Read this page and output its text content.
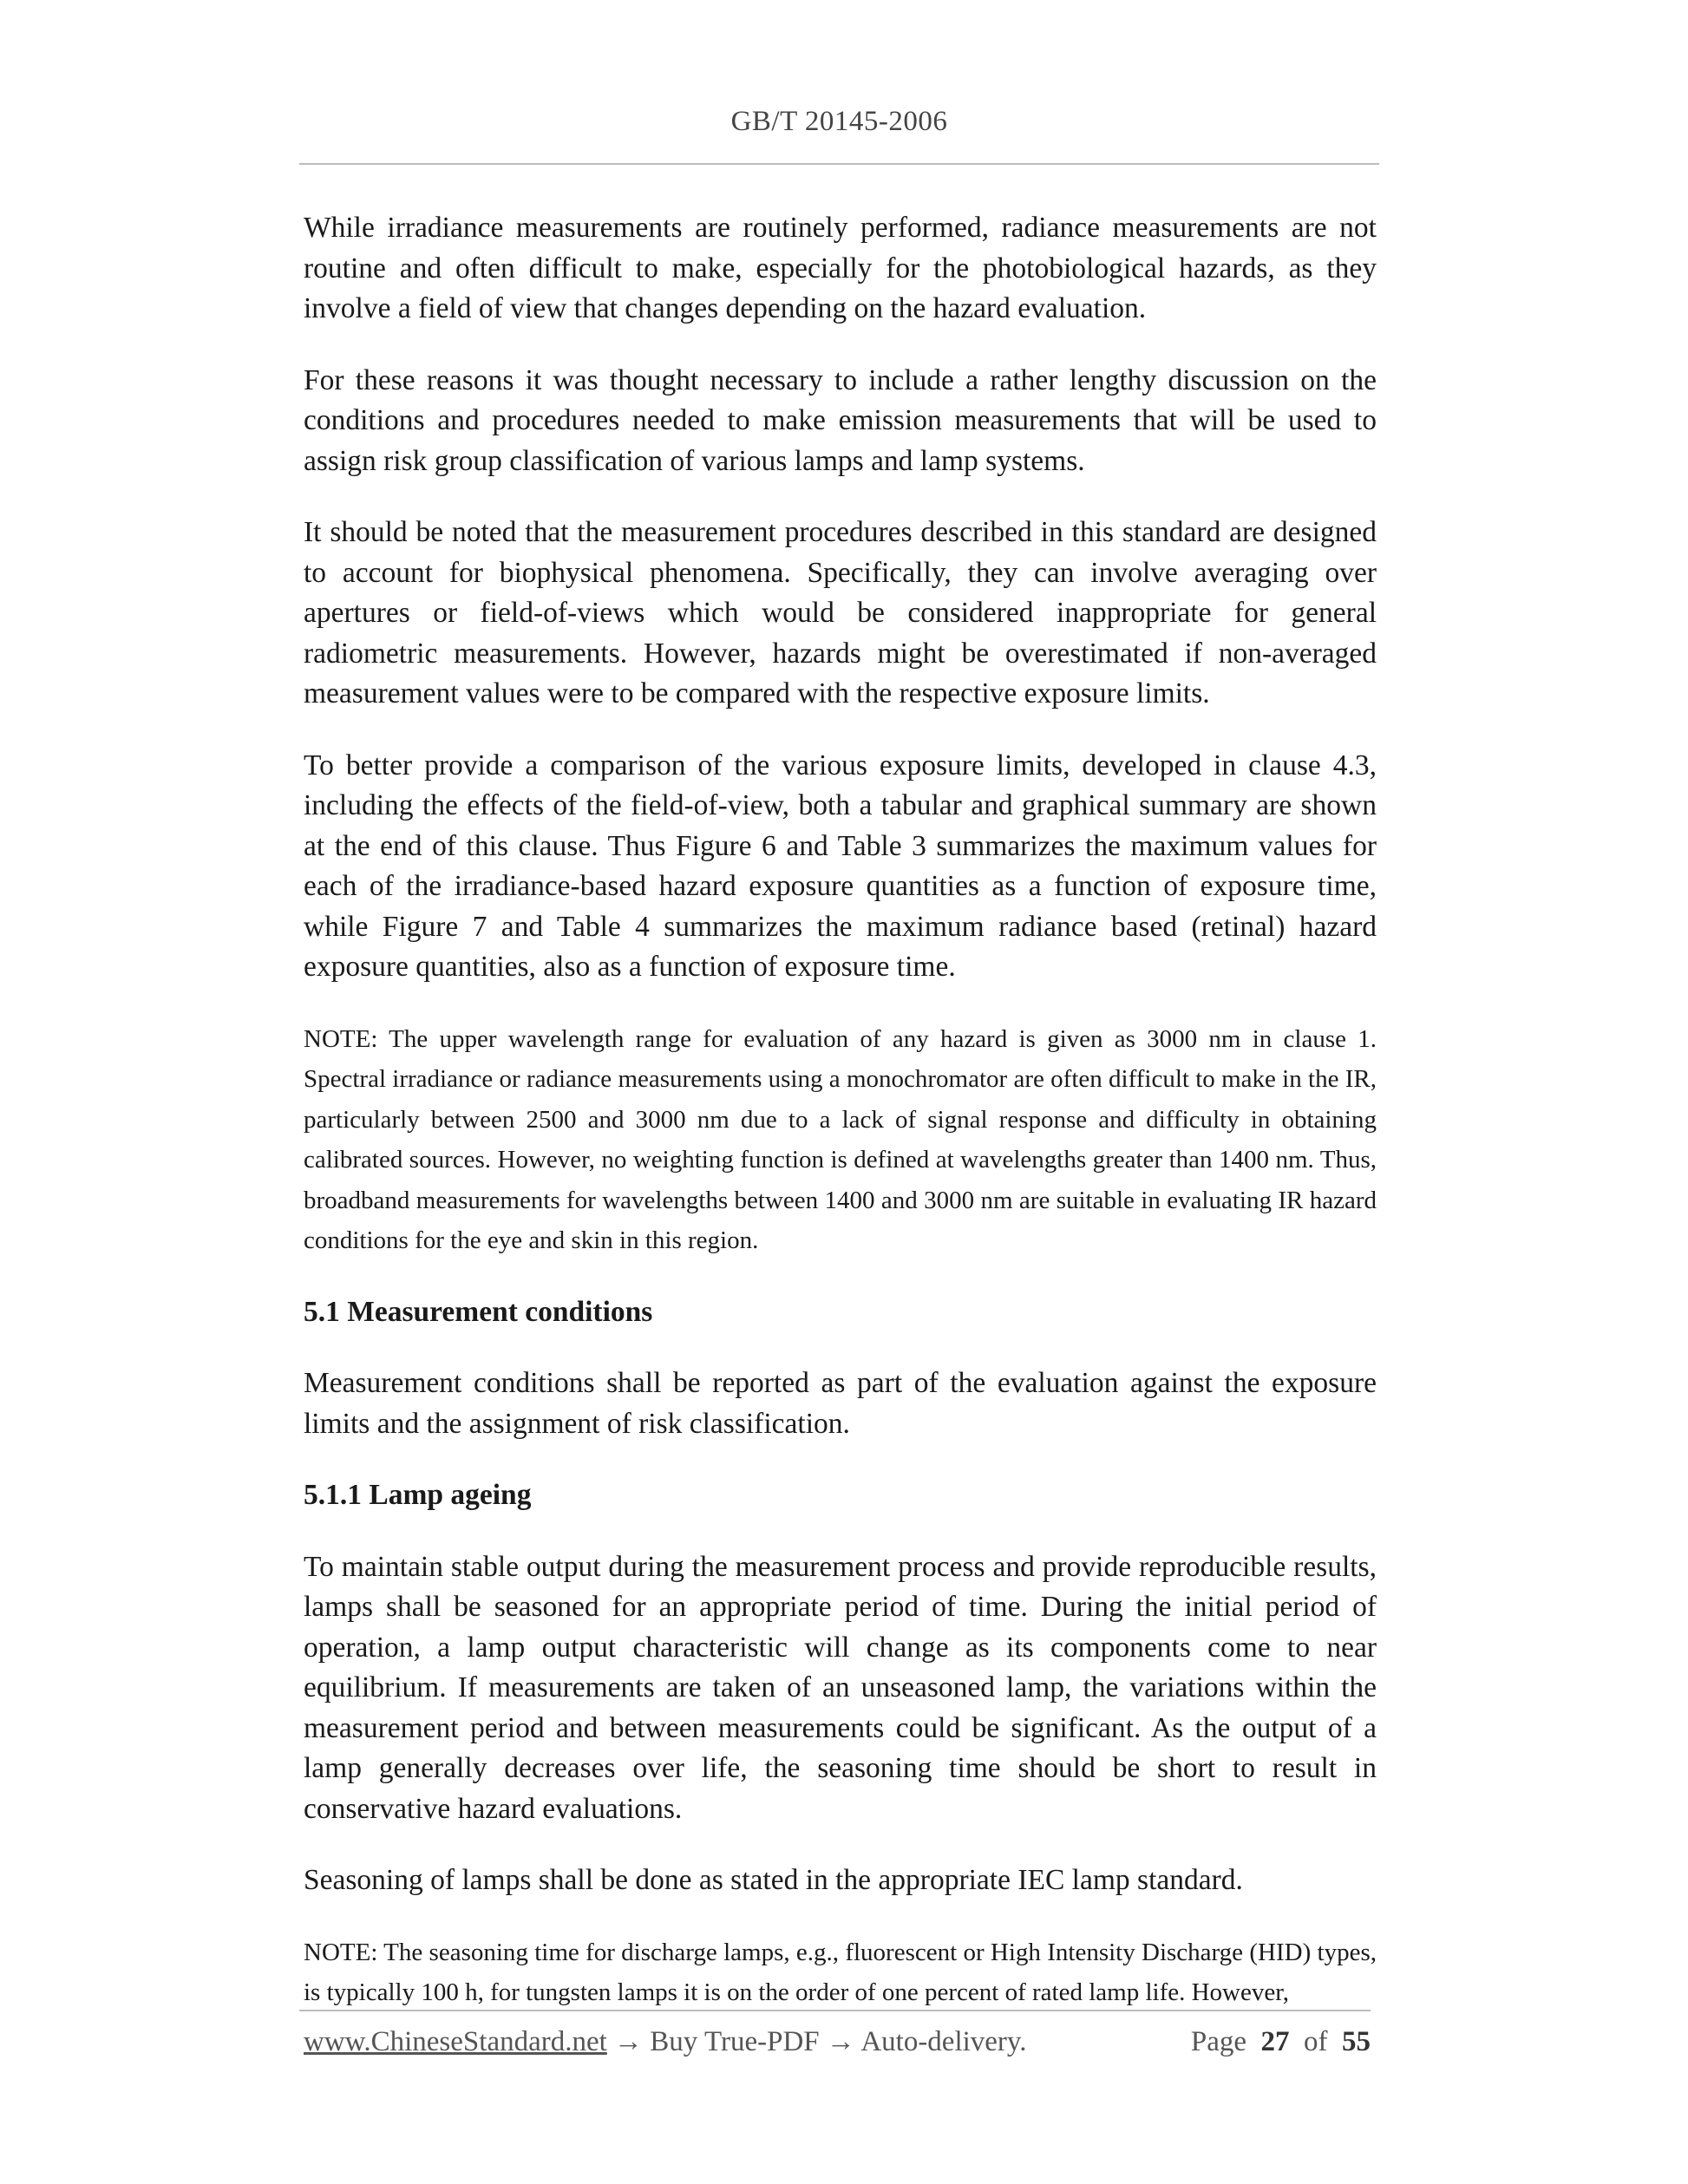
GB/T 20145-2006

While irradiance measurements are routinely performed, radiance measurements are not routine and often difficult to make, especially for the photobiological hazards, as they involve a field of view that changes depending on the hazard evaluation.

For these reasons it was thought necessary to include a rather lengthy discussion on the conditions and procedures needed to make emission measurements that will be used to assign risk group classification of various lamps and lamp systems.

It should be noted that the measurement procedures described in this standard are designed to account for biophysical phenomena. Specifically, they can involve averaging over apertures or field-of-views which would be considered inappropriate for general radiometric measurements. However, hazards might be overestimated if non-averaged measurement values were to be compared with the respective exposure limits.

To better provide a comparison of the various exposure limits, developed in clause 4.3, including the effects of the field-of-view, both a tabular and graphical summary are shown at the end of this clause. Thus Figure 6 and Table 3 summarizes the maximum values for each of the irradiance-based hazard exposure quantities as a function of exposure time, while Figure 7 and Table 4 summarizes the maximum radiance based (retinal) hazard exposure quantities, also as a function of exposure time.

NOTE: The upper wavelength range for evaluation of any hazard is given as 3000 nm in clause 1. Spectral irradiance or radiance measurements using a monochromator are often difficult to make in the IR, particularly between 2500 and 3000 nm due to a lack of signal response and difficulty in obtaining calibrated sources. However, no weighting function is defined at wavelengths greater than 1400 nm. Thus, broadband measurements for wavelengths between 1400 and 3000 nm are suitable in evaluating IR hazard conditions for the eye and skin in this region.

5.1 Measurement conditions

Measurement conditions shall be reported as part of the evaluation against the exposure limits and the assignment of risk classification.

5.1.1 Lamp ageing

To maintain stable output during the measurement process and provide reproducible results, lamps shall be seasoned for an appropriate period of time. During the initial period of operation, a lamp output characteristic will change as its components come to near equilibrium. If measurements are taken of an unseasoned lamp, the variations within the measurement period and between measurements could be significant. As the output of a lamp generally decreases over life, the seasoning time should be short to result in conservative hazard evaluations.

Seasoning of lamps shall be done as stated in the appropriate IEC lamp standard.

NOTE: The seasoning time for discharge lamps, e.g., fluorescent or High Intensity Discharge (HID) types, is typically 100 h, for tungsten lamps it is on the order of one percent of rated lamp life. However,

www.ChineseStandard.net → Buy True-PDF → Auto-delivery.	Page 27 of 55
